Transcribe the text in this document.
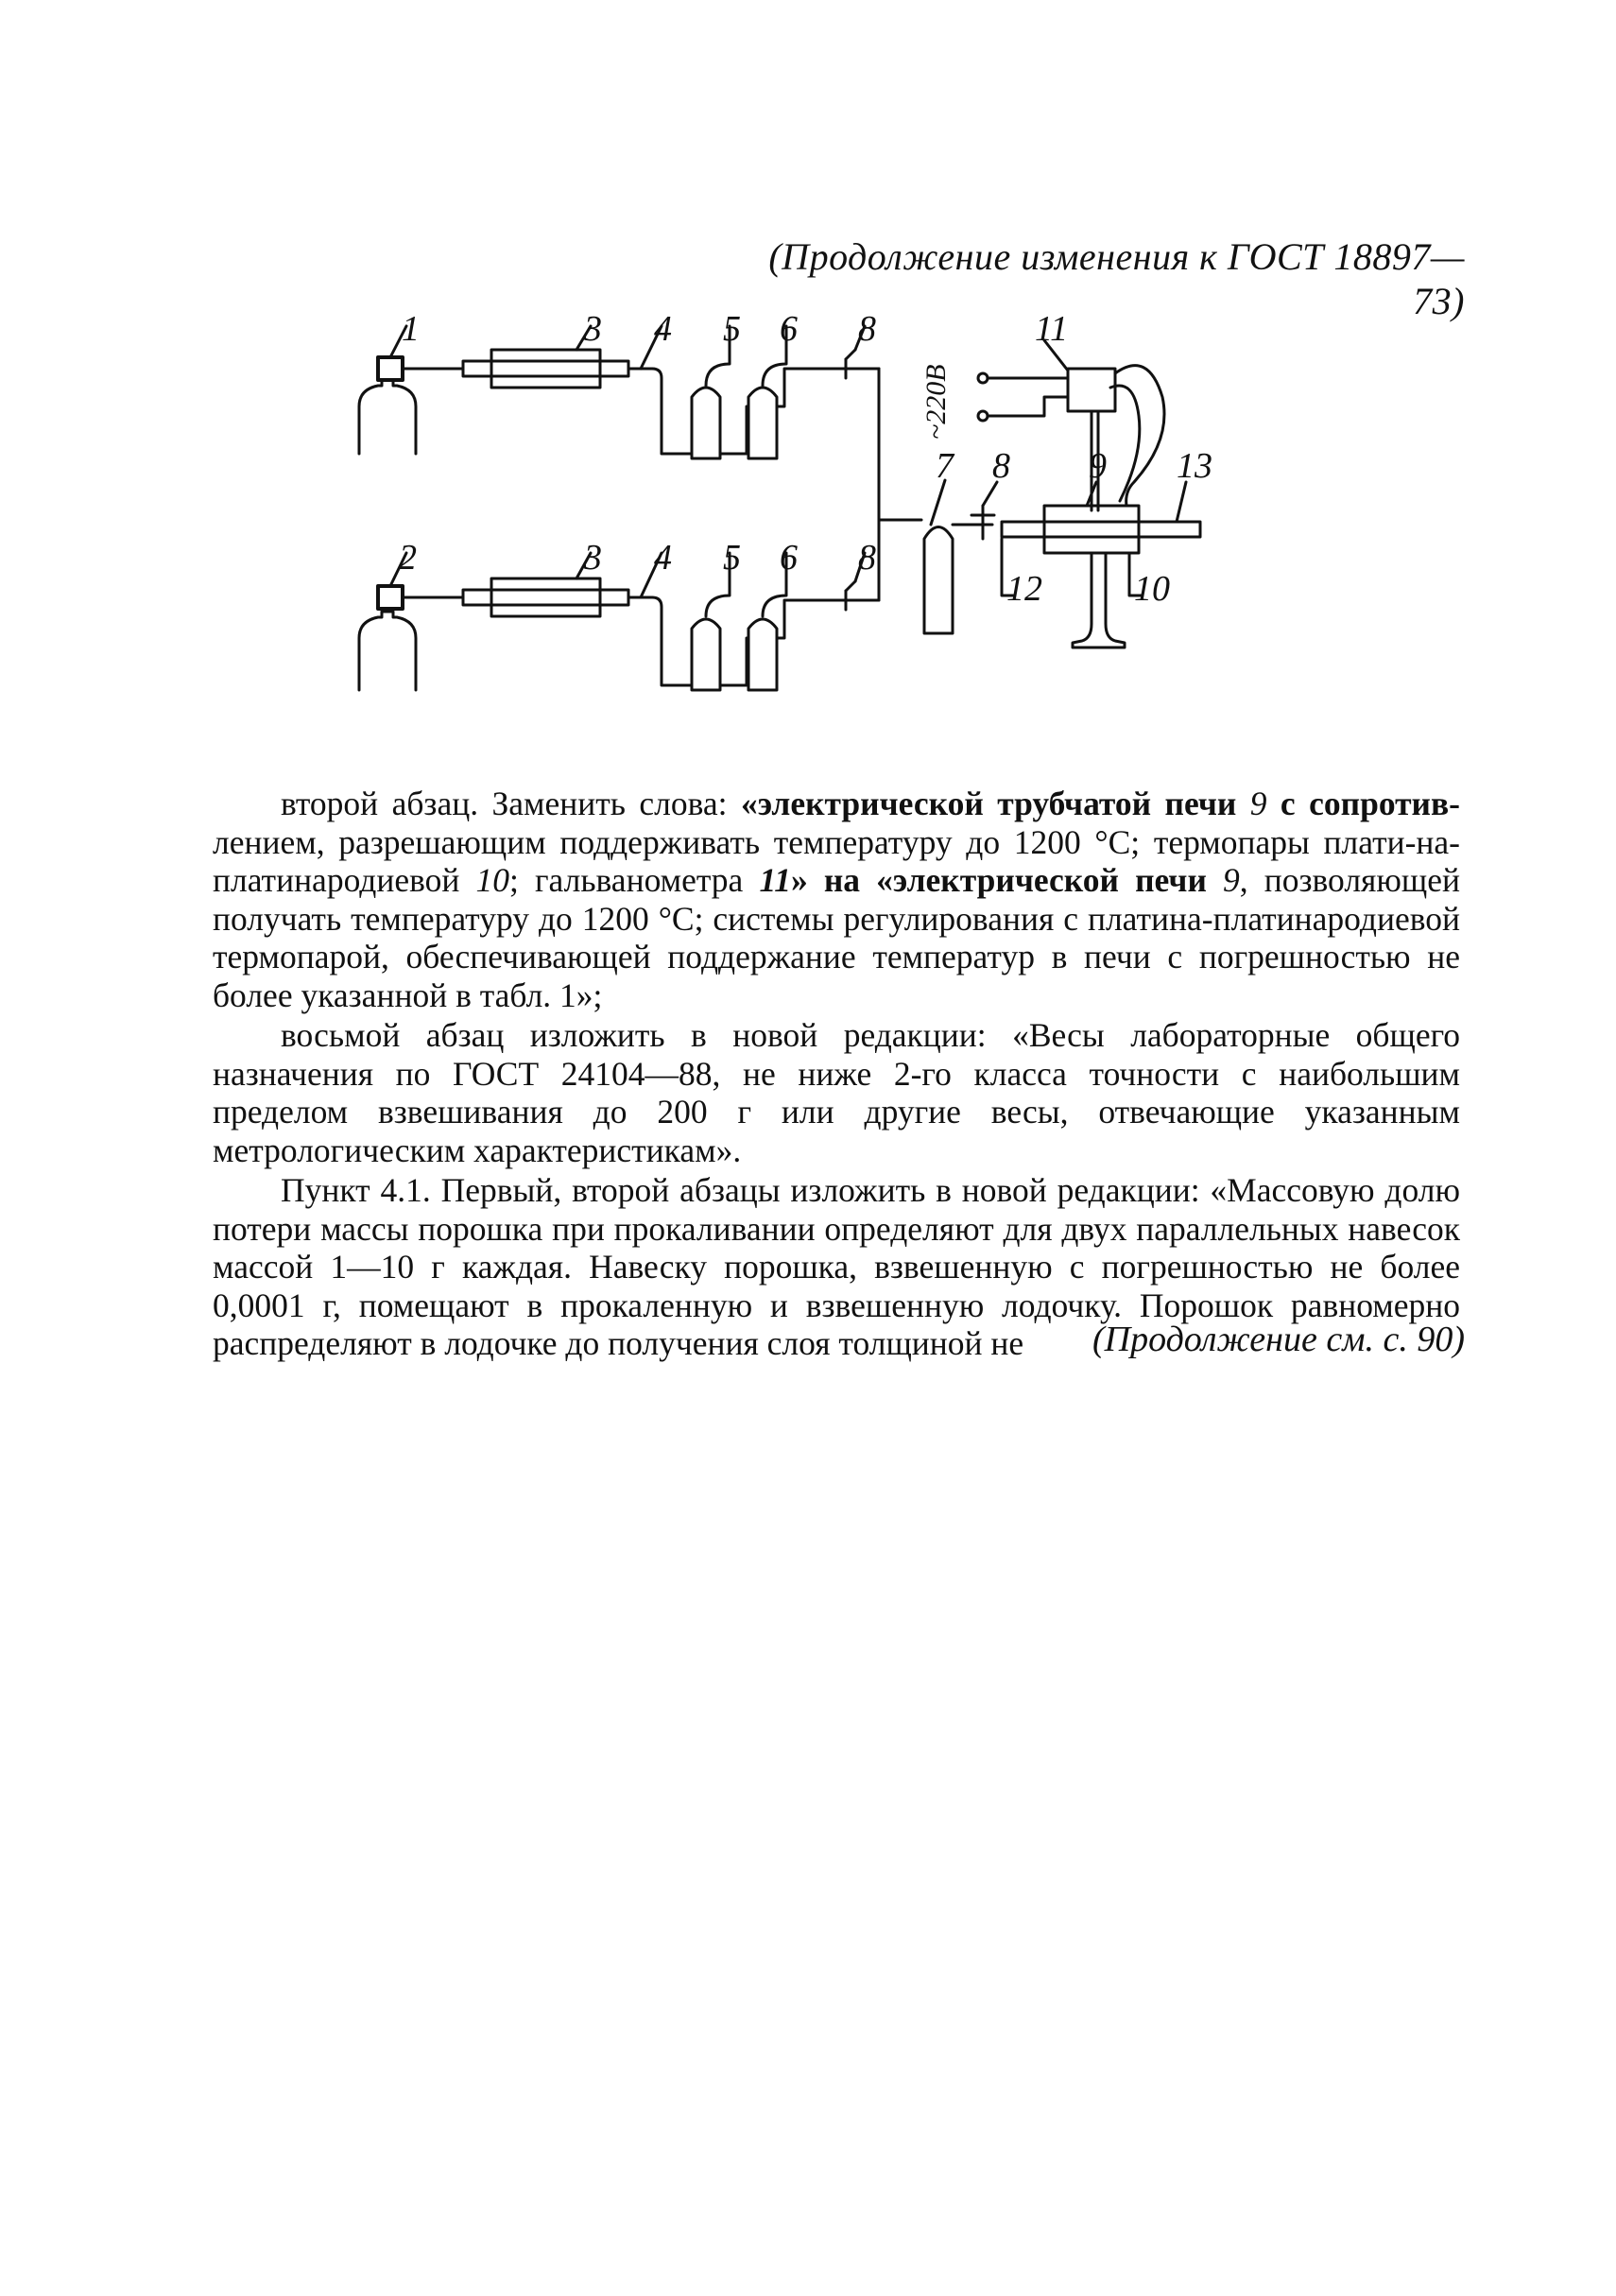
(Продолжение изменения к ГОСТ 18897—73)
1	3 4 5 6 8
~220В
11
7 8 9 13
12	10
2	3 4 5 6 8

второй абзац. Заменить слова: «электрической трубчатой печи 9 с сопротив- лением, разрешающим поддерживать температуру до 1200 °С; термопары плати-на-платинародиевой 10; гальванометра 11» на «электрической печи 9, позволяющей получать температуру до 1200 °С; системы регулирования с платина-платинародиевой термопарой, обеспечивающей поддержание температур в печи с погрешностью не более указанной в табл. 1»;

восьмой абзац изложить в новой редакции: «Весы лабораторные общего назначения по ГОСТ 24104—88, не ниже 2-го класса точности с наибольшим пределом взвешивания до 200 г или другие весы, отвечающие указанным метрологическим характеристикам».

Пункт 4.1. Первый, второй абзацы изложить в новой редакции: «Массовую долю потери массы порошка при прокаливании определяют для двух параллельных навесок массой 1—10 г каждая. Навеску порошка, взвешенную с погрешностью не более 0,0001 г, помещают в прокаленную и взвешенную лодочку. Порошок равномерно распределяют в лодочке до получения слоя толщиной не	(Продолжение см. с. 90)
